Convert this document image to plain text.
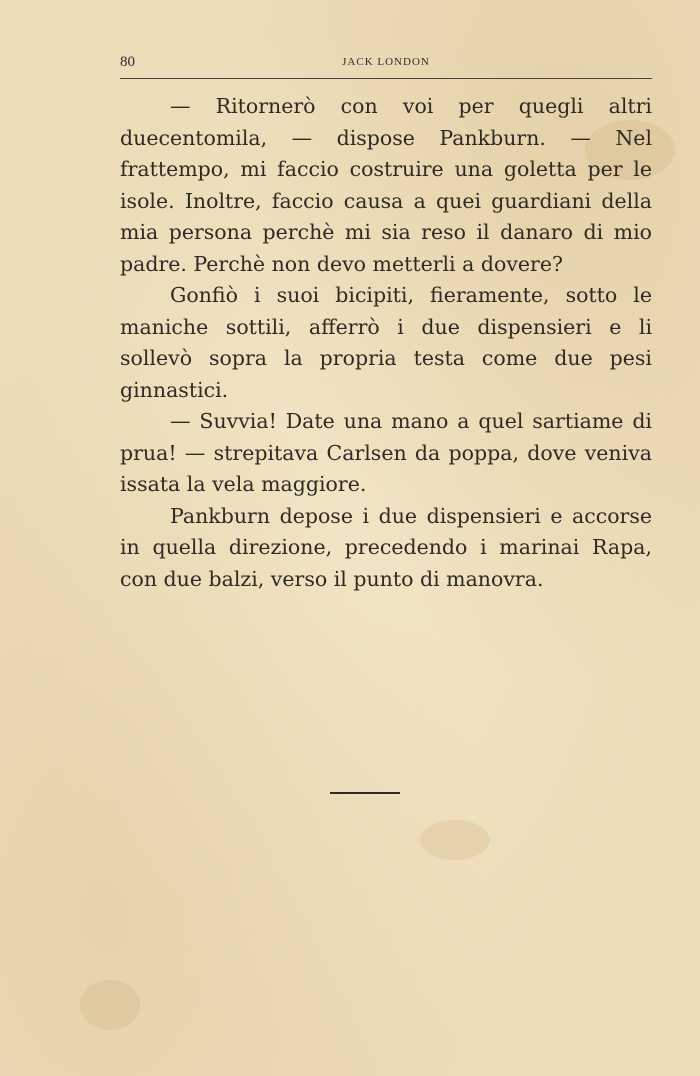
80	JACK LONDON

— Ritornerò con voi per quegli altri duecentomila, — dispose Pankburn. — Nel frattempo, mi faccio costruire una goletta per le isole. Inoltre, faccio causa a quei guardiani della mia persona perchè mi sia reso il danaro di mio padre. Perchè non devo metterli a dovere?

Gonfiò i suoi bicipiti, fieramente, sotto le maniche sottili, afferrò i due dispensieri e li sollevò sopra la propria testa come due pesi ginnastici.

— Suvvia! Date una mano a quel sartiame di prua! — strepitava Carlsen da poppa, dove veniva issata la vela maggiore.

Pankburn depose i due dispensieri e accorse in quella direzione, precedendo i marinai Rapa, con due balzi, verso il punto di manovra.
